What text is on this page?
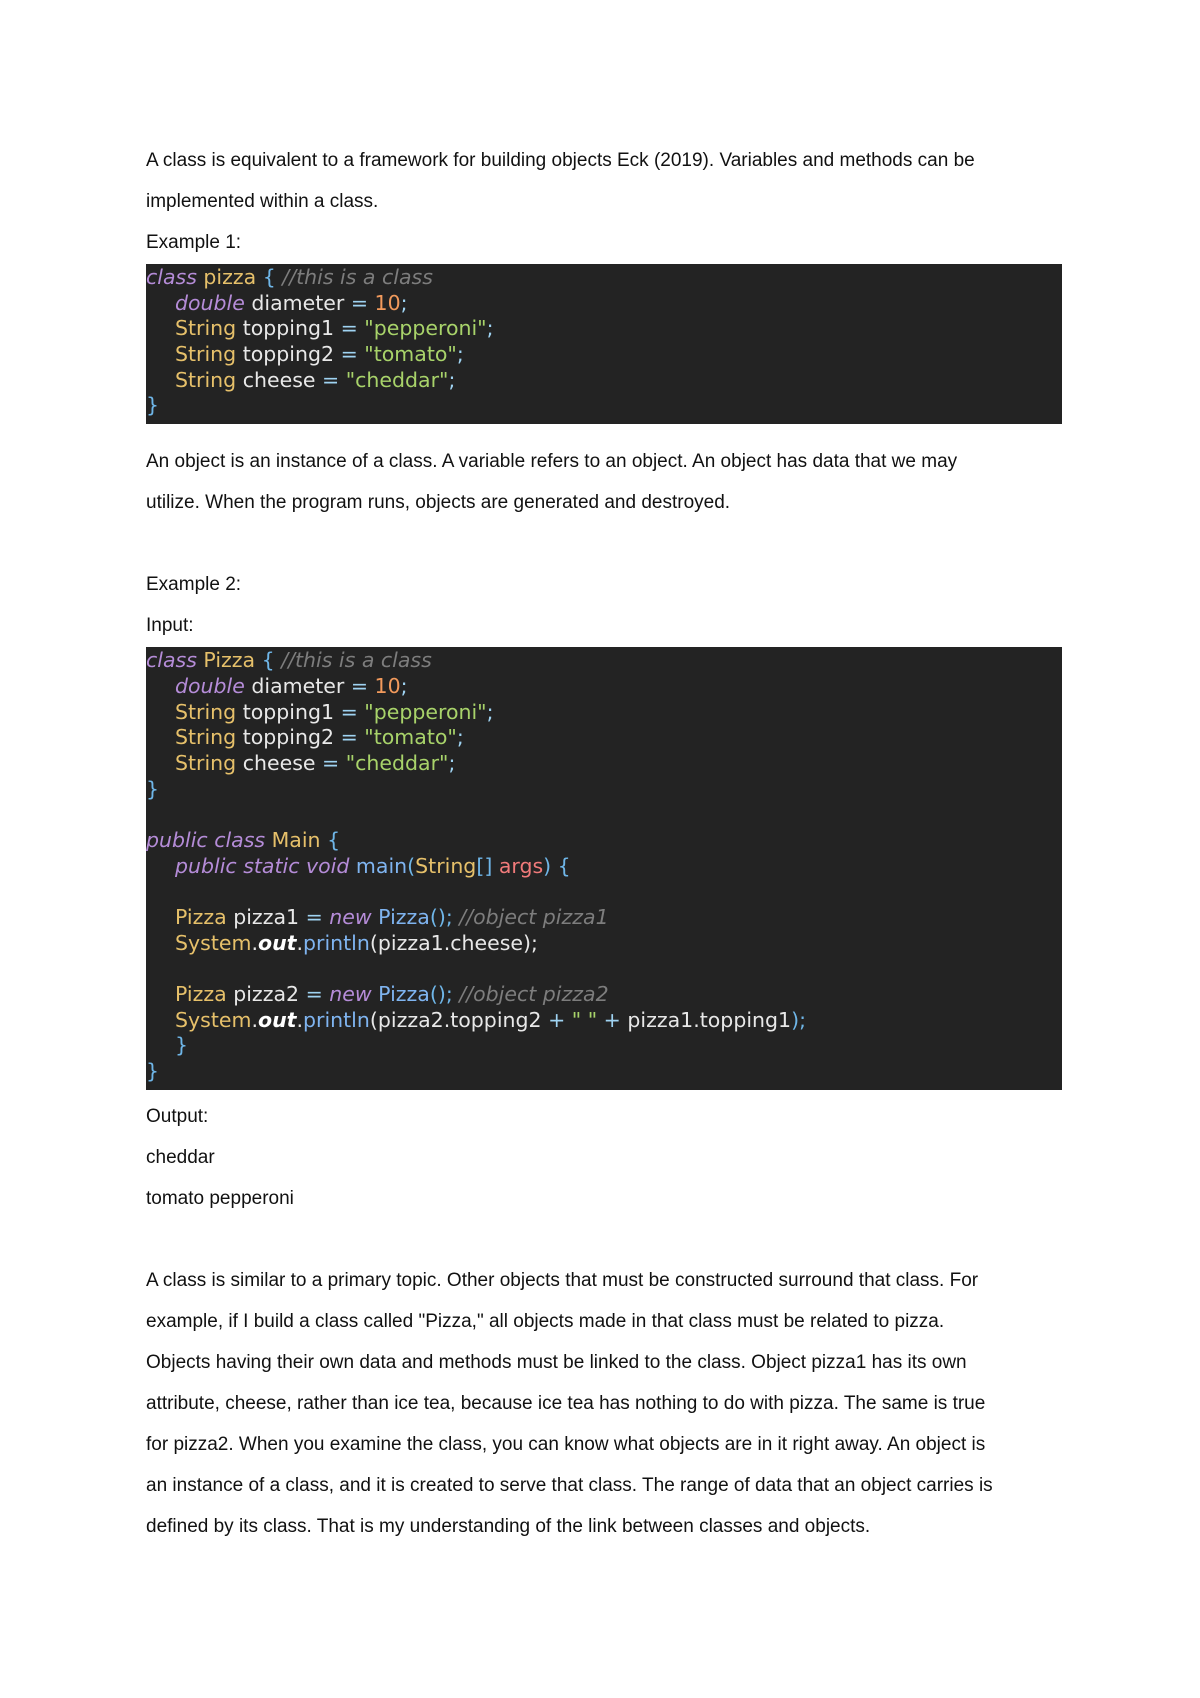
A class is equivalent to a framework for building objects Eck (2019). Variables and methods can be

implemented within a class.

Example 1:

class pizza { //this is a class
double diameter = 10;
String topping1 = "pepperoni";
String topping2 = "tomato";
String cheese = "cheddar";
}

An object is an instance of a class. A variable refers to an object. An object has data that we may

utilize. When the program runs, objects are generated and destroyed.

Example 2:

Input:

class Pizza { //this is a class
double diameter = 10;
String topping1 = "pepperoni";
String topping2 = "tomato";
String cheese = "cheddar";
}

public class Main {
public static void main(String[] args) {

Pizza pizza1 = new Pizza(); //object pizza1
System.out.println(pizza1.cheese);

Pizza pizza2 = new Pizza(); //object pizza2
System.out.println(pizza2.topping2 + " " + pizza1.topping1);
}
}

Output:

cheddar

tomato pepperoni

A class is similar to a primary topic. Other objects that must be constructed surround that class. For

example, if I build a class called "Pizza," all objects made in that class must be related to pizza.

Objects having their own data and methods must be linked to the class. Object pizza1 has its own

attribute, cheese, rather than ice tea, because ice tea has nothing to do with pizza. The same is true

for pizza2. When you examine the class, you can know what objects are in it right away. An object is

an instance of a class, and it is created to serve that class. The range of data that an object carries is

defined by its class. That is my understanding of the link between classes and objects.
